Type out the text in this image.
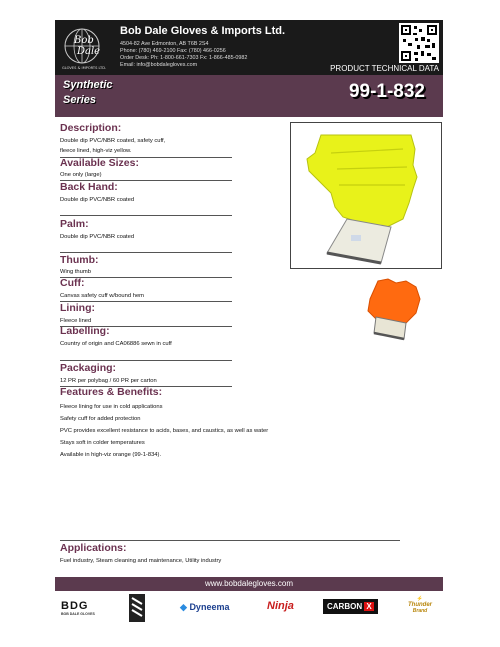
Bob
Dale
GLOVES & IMPORTS LTD.
Bob Dale Gloves & Imports Ltd.
4504-82 Ave Edmonton, AB T6B 2S4
Phone: (780) 469-2100 Fax: (780) 466-0256
Order Desk: Ph: 1-800-661-7303 Fx: 1-866-485-0982
Email: info@bobdalegloves.com	PRODUCT TECHNICAL DATA
Synthetic
Series	99-1-832
Description:
Double dip PVC/NBR coated, safety cuff,
fleece lined, high-viz yellow.
Available Sizes:
One only (large)
Back Hand:
Double dip PVC/NBR coated
Palm:
Double dip PVC/NBR coated
Thumb:
Wing thumb
Cuff:
Canvas safety cuff w/bound hem
Lining:
Fleece lined
Labelling:
Country of origin and CA06886 sewn in cuff
Packaging:
12 PR per polybag / 60 PR per carton
Features & Benefits:
Fleece lining for use in cold applications
Safety cuff for added protection
PVC provides excellent resistance to acids, bases, and caustics, as well as water
Stays soft in colder temperatures
Available in high-viz orange (99-1-834).
Applications:
Fuel industry, Steam cleaning and maintenance, Utility industry
www.bobdalegloves.com
BDG
BOB DALE GLOVES
◆ Dyneema	Ninja	CARBON X
⚡
Thunder
Brand
